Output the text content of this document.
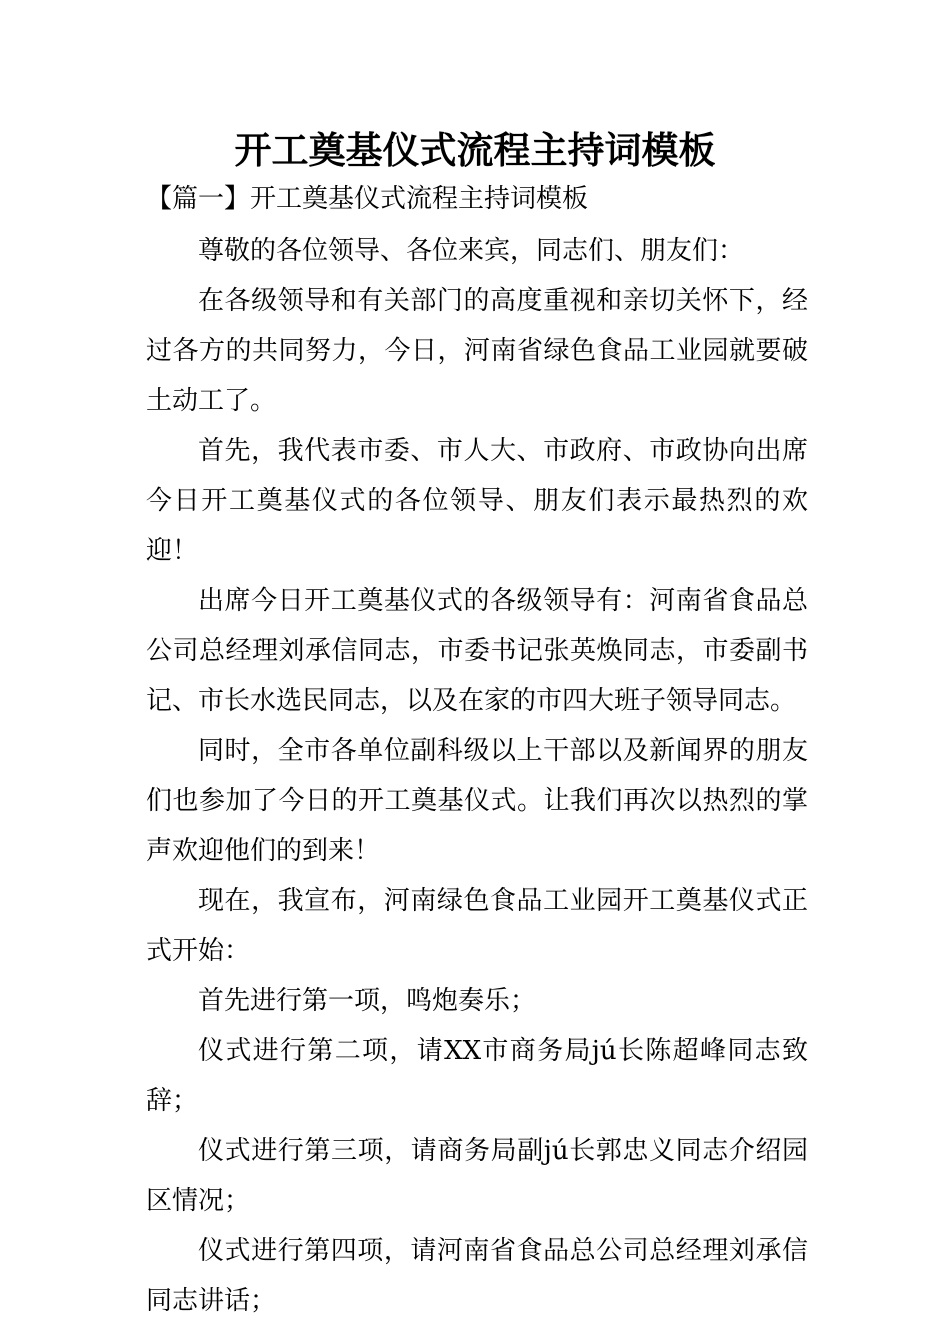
开工奠基仪式流程主持词模板
【篇一】开工奠基仪式流程主持词模板

尊敬的各位领导、各位来宾，同志们、朋友们：

在各级领导和有关部门的高度重视和亲切关怀下，经过各方的共同努力，今日，河南省绿色食品工业园就要破土动工了。

首先，我代表市委、市人大、市政府、市政协向出席今日开工奠基仪式的各位领导、朋友们表示最热烈的欢迎！

出席今日开工奠基仪式的各级领导有：河南省食品总公司总经理刘承信同志，市委书记张英焕同志，市委副书记、市长水选民同志，以及在家的市四大班子领导同志。

同时，全市各单位副科级以上干部以及新闻界的朋友们也参加了今日的开工奠基仪式。让我们再次以热烈的掌声欢迎他们的到来！

现在，我宣布，河南绿色食品工业园开工奠基仪式正式开始：

首先进行第一项，鸣炮奏乐；

仪式进行第二项，请XX市商务局jú长陈超峰同志致辞；

仪式进行第三项，请商务局副jú长郭忠义同志介绍园区情况；

仪式进行第四项，请河南省食品总公司总经理刘承信同志讲话；
